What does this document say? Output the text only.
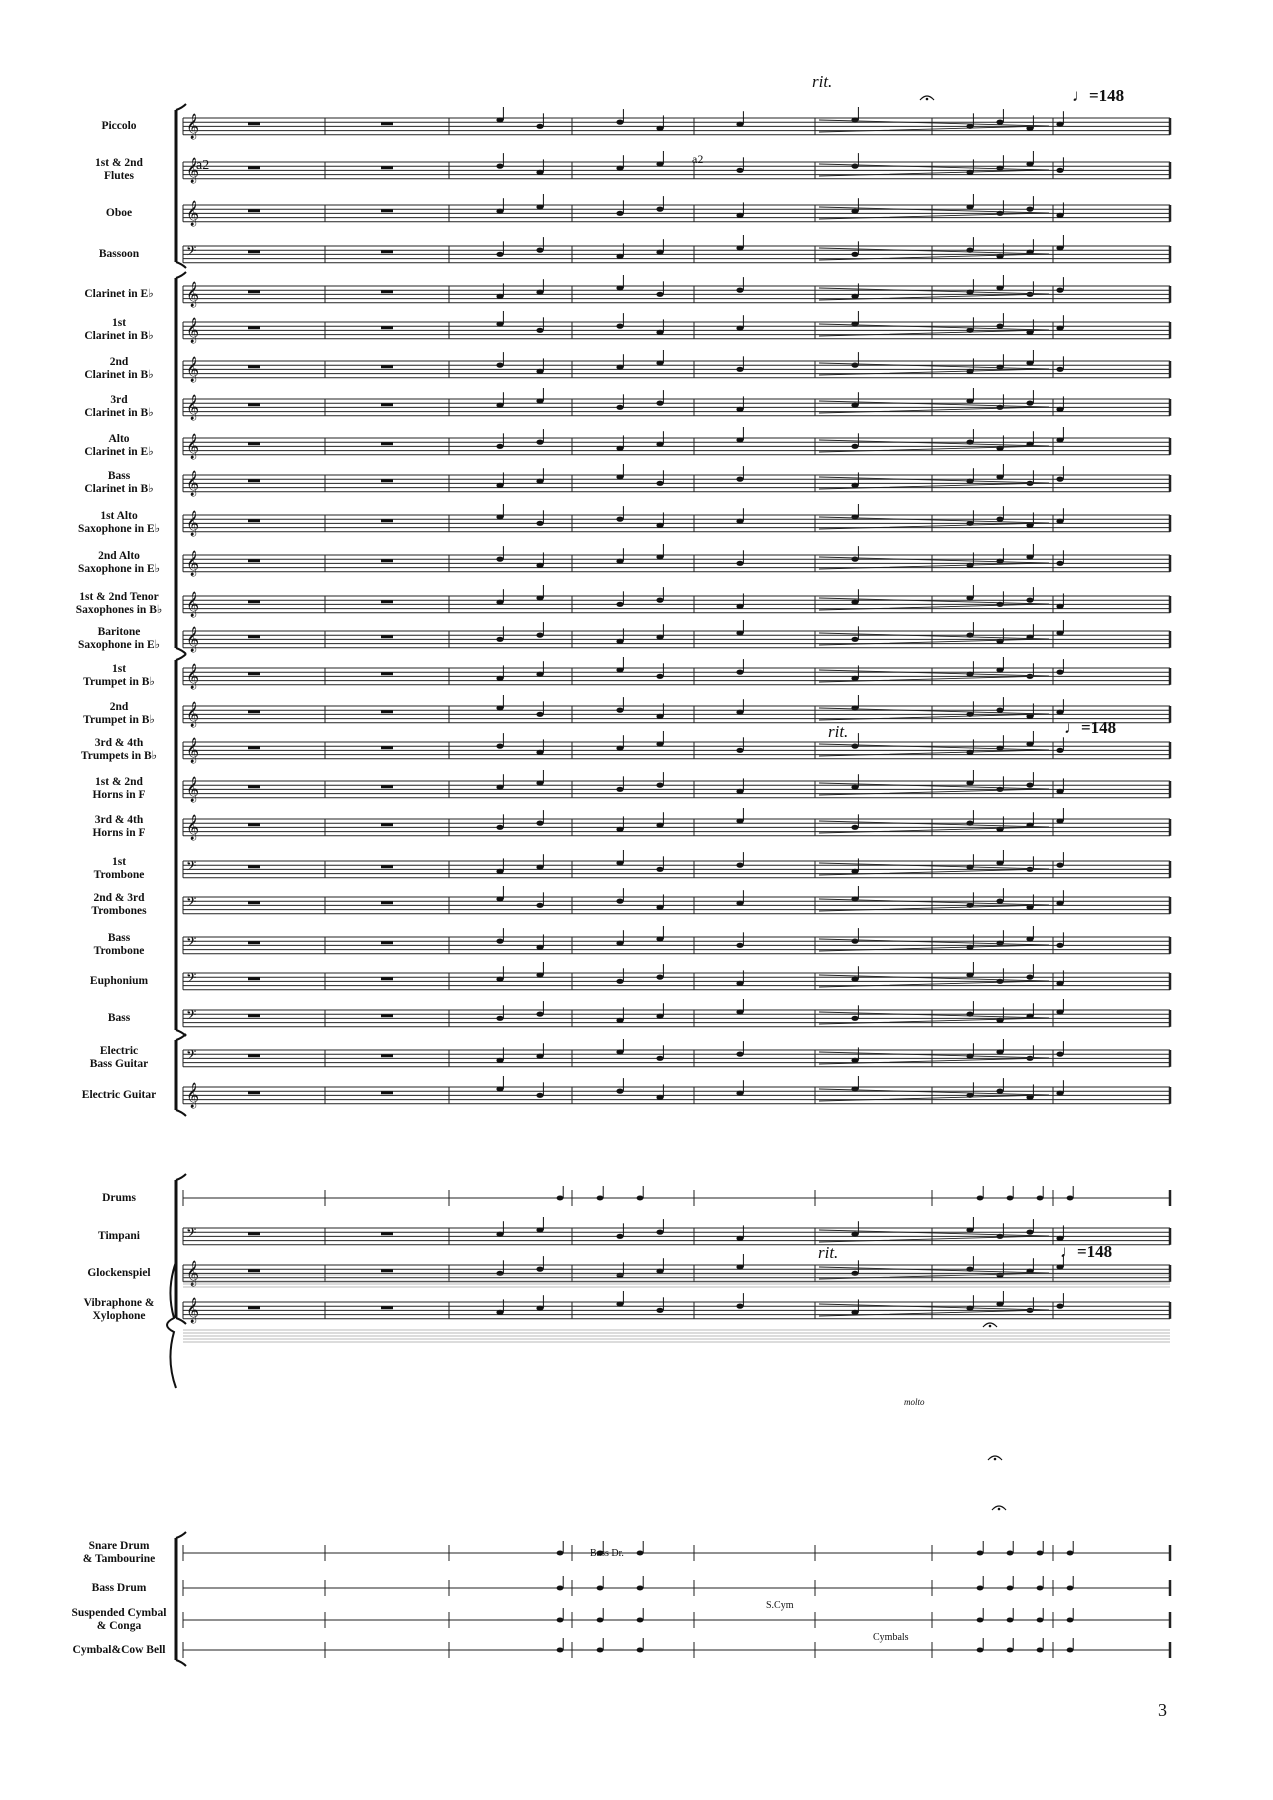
𝄞
𝄞
𝄞
𝄢
𝄞
𝄞
𝄞
𝄞
𝄞
𝄞
𝄞
𝄞
𝄞
𝄞
𝄞
𝄞
𝄞
𝄞
𝄞
𝄢
𝄢
𝄢
𝄢
𝄢
𝄢
𝄞
𝄢
𝄞
𝄞
Piccolo
1st & 2nd
Flutes
Oboe
Bassoon
Clarinet in E♭
1st
Clarinet in B♭
2nd
Clarinet in B♭
3rd
Clarinet in B♭
Alto
Clarinet in E♭
Bass
Clarinet in B♭
1st Alto
Saxophone in E♭
2nd Alto
Saxophone in E♭
1st & 2nd Tenor
Saxophones in B♭
Baritone
Saxophone in E♭
1st
Trumpet in B♭
2nd
Trumpet in B♭
3rd & 4th
Trumpets in B♭
1st & 2nd
Horns in F
3rd & 4th
Horns in F
1st
Trombone
2nd & 3rd
Trombones
Bass
Trombone
Euphonium
Bass
Electric
Bass Guitar
Electric Guitar
Drums
Timpani
Glockenspiel
Vibraphone &
Xylophone
Snare Drum
& Tambourine
Bass Drum
Suspended Cymbal
& Conga
Cymbal&Cow Bell
rit.
♩=148
a2	a2
rit.	♩=148
rit.	♩=148
Bass Dr.
S.Cym
Cymbals
molto
3
